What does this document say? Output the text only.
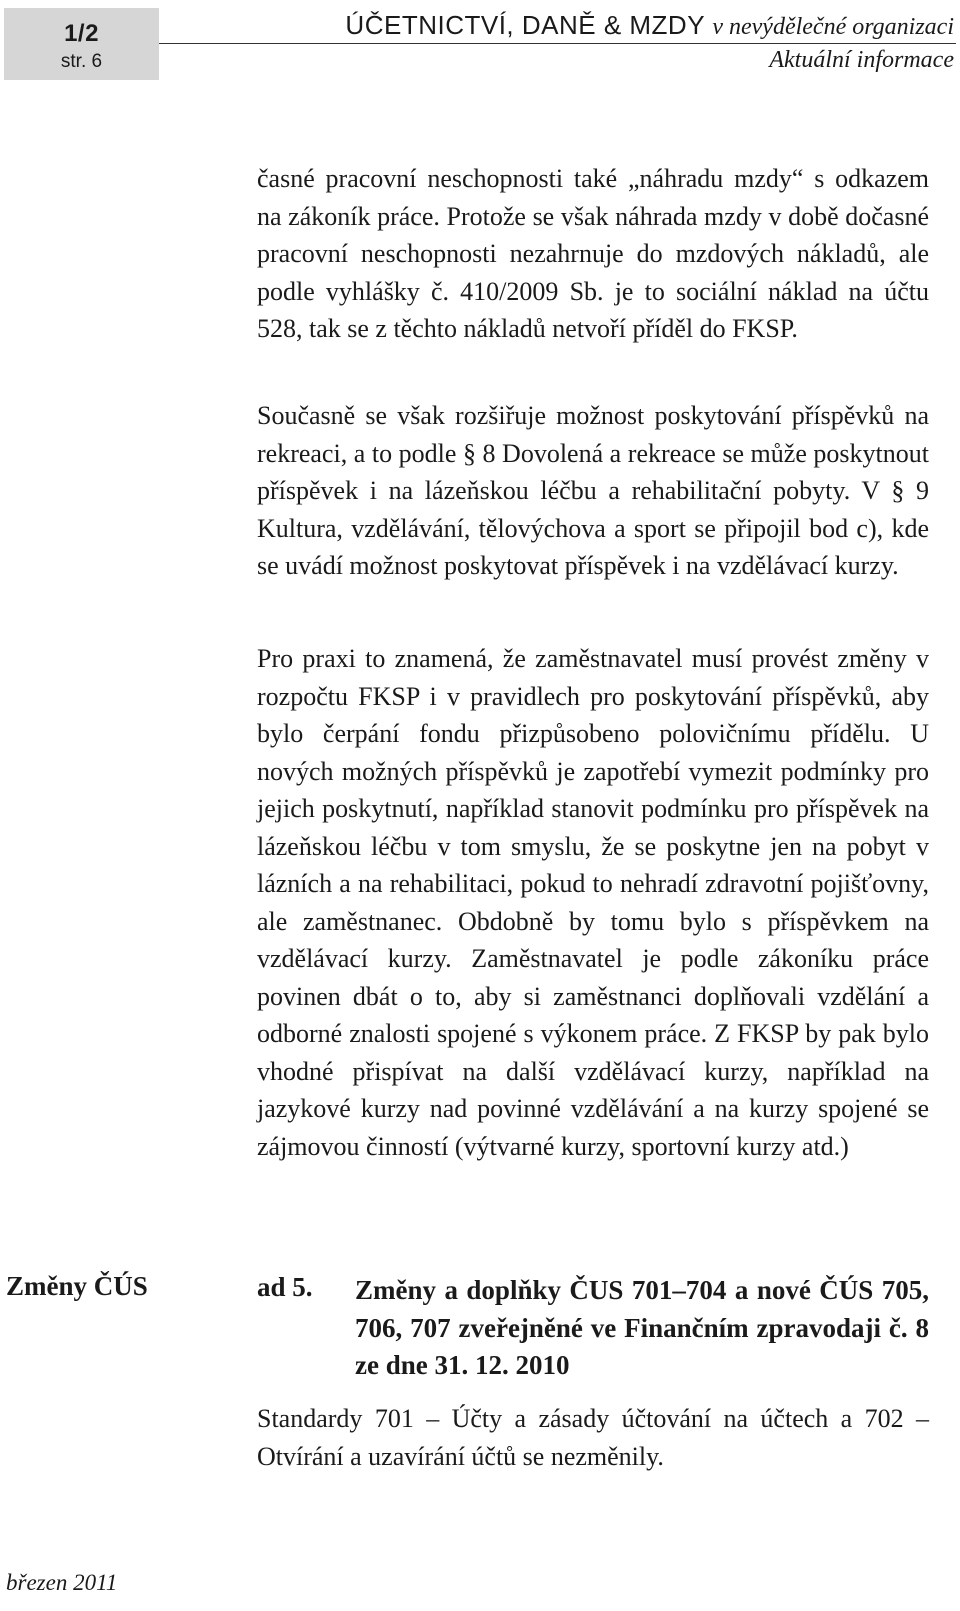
1/2
str. 6
ÚČETNICTVÍ, DANĚ & MZDY v nevýdělečné organizaci
Aktuální informace

časné pracovní neschopnosti také „náhradu mzdy“ s odkazem na zákoník práce. Protože se však náhrada mzdy v době dočasné pracovní neschopnosti nezahrnuje do mzdových nákladů, ale podle vyhlášky č. 410/2009 Sb. je to sociální náklad na účtu 528, tak se z těchto nákladů netvoří příděl do FKSP.

Současně se však rozšiřuje možnost poskytování příspěvků na rekreaci, a to podle § 8 Dovolená a rekreace se může poskytnout příspěvek i na lázeňskou léčbu a rehabilitační pobyty. V § 9 Kultura, vzdělávání, tělovýchova a sport se připojil bod c), kde se uvádí možnost poskytovat příspěvek i na vzdělávací kurzy.

Pro praxi to znamená, že zaměstnavatel musí provést změny v rozpočtu FKSP i v pravidlech pro poskytování příspěvků, aby bylo čerpání fondu přizpůsobeno polovičnímu přídělu. U nových možných příspěvků je zapotřebí vymezit podmínky pro jejich poskytnutí, například stanovit podmínku pro příspěvek na lázeňskou léčbu v tom smyslu, že se poskytne jen na pobyt v lázních a na rehabilitaci, pokud to nehradí zdravotní pojišťovny, ale zaměstnanec. Obdobně by tomu bylo s příspěvkem na vzdělávací kurzy. Zaměstnavatel je podle zákoníku práce povinen dbát o to, aby si zaměstnanci doplňovali vzdělání a odborné znalosti spojené s výkonem práce. Z FKSP by pak bylo vhodné přispívat na další vzdělávací kurzy, například na jazykové kurzy nad povinné vzdělávání a na kurzy spojené se zájmovou činností (výtvarné kurzy, sportovní kurzy atd.)

Změny ČÚS	ad 5. Změny a doplňky ČUS 701–704 a nové ČÚS 705, 706, 707 zveřejněné ve Finančním zpravodaji č. 8 ze dne 31. 12. 2010

Standardy 701 – Účty a zásady účtování na účtech a 702 – Otvírání a uzavírání účtů se nezměnily.

březen 2011
